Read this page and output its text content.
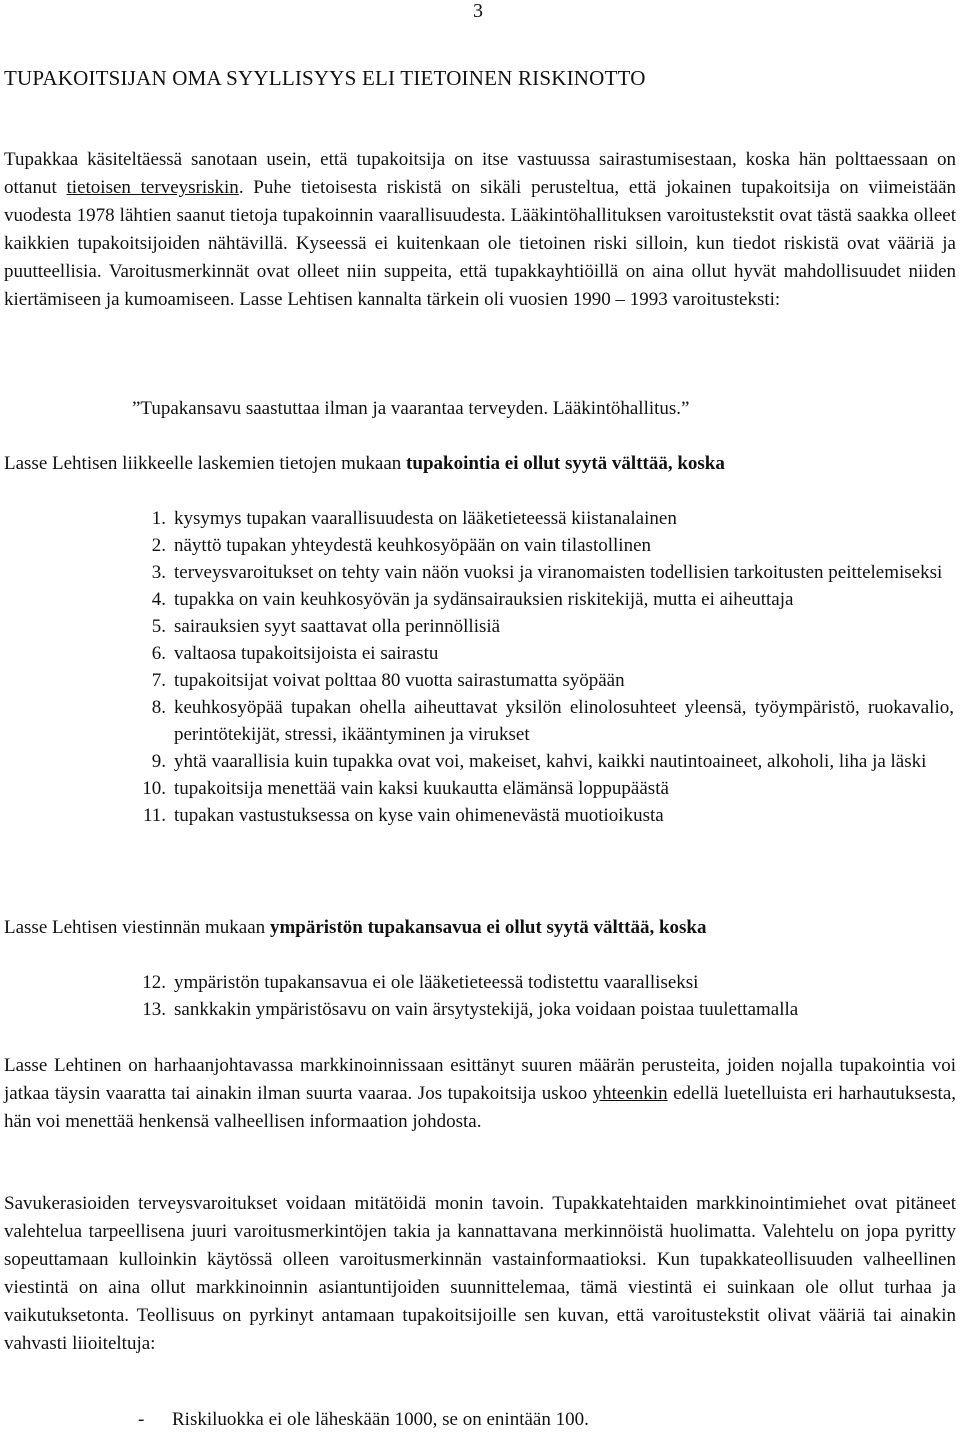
3
TUPAKOITSIJAN OMA SYYLLISYYS ELI TIETOINEN RISKINOTTO

Tupakkaa käsiteltäessä sanotaan usein, että tupakoitsija on itse vastuussa sairastumisestaan, koska hän polttaessaan on ottanut tietoisen terveysriskin. Puhe tietoisesta riskistä on sikäli perusteltua, että jokainen tupakoitsija on viimeistään vuodesta 1978 lähtien saanut tietoja tupakoinnin vaarallisuudesta. Lääkintöhallituksen varoitustekstit ovat tästä saakka olleet kaikkien tupakoitsijoiden nähtävillä. Kyseessä ei kuitenkaan ole tietoinen riski silloin, kun tiedot riskistä ovat vääriä ja puutteellisia. Varoitusmerkinnät ovat olleet niin suppeita, että tupakkayhtiöillä on aina ollut hyvät mahdollisuudet niiden kiertämiseen ja kumoamiseen. Lasse Lehtisen kannalta tärkein oli vuosien 1990 – 1993 varoitusteksti:

”Tupakansavu saastuttaa ilman ja vaarantaa terveyden. Lääkintöhallitus.”

Lasse Lehtisen liikkeelle laskemien tietojen mukaan tupakointia ei ollut syytä välttää, koska

1. kysymys tupakan vaarallisuudesta on lääketieteessä kiistanalainen
2. näyttö tupakan yhteydestä keuhkosyöpään on vain tilastollinen
3. terveysvaroitukset on tehty vain näön vuoksi ja viranomaisten todellisien tarkoitusten peittelemiseksi
4. tupakka on vain keuhkosyövän ja sydänsairauksien riskitekijä, mutta ei aiheuttaja
5. sairauksien syyt saattavat olla perinnöllisiä
6. valtaosa tupakoitsijoista ei sairastu
7. tupakoitsijat voivat polttaa 80 vuotta sairastumatta syöpään
8. keuhkosyöpää tupakan ohella aiheuttavat yksilön elinolosuhteet yleensä, työympäristö, ruokavalio, perintötekijät, stressi, ikääntyminen ja virukset
9. yhtä vaarallisia kuin tupakka ovat voi, makeiset, kahvi, kaikki nautintoaineet, alkoholi, liha ja läski
10. tupakoitsija menettää vain kaksi kuukautta elämänsä loppupäästä
11. tupakan vastustuksessa on kyse vain ohimenevästä muotioikusta

Lasse Lehtisen viestinnän mukaan ympäristön tupakansavua ei ollut syytä välttää, koska

12. ympäristön tupakansavua ei ole lääketieteessä todistettu vaaralliseksi
13. sankkakin ympäristösavu on vain ärsytystekijä, joka voidaan poistaa tuulettamalla

Lasse Lehtinen on harhaanjohtavassa markkinoinnissaan esittänyt suuren määrän perusteita, joiden nojalla tupakointia voi jatkaa täysin vaaratta tai ainakin ilman suurta vaaraa. Jos tupakoitsija uskoo yhteenkin edellä luetelluista eri harhautuksesta, hän voi menettää henkensä valheellisen informaation johdosta.

Savukerasioiden terveysvaroitukset voidaan mitätöidä monin tavoin. Tupakkatehtaiden markkinointimiehet ovat pitäneet valehtelua tarpeellisena juuri varoitusmerkintöjen takia ja kannattavana merkinnöistä huolimatta. Valehtelu on jopa pyritty sopeuttamaan kulloinkin käytössä olleen varoitusmerkinnän vastainformaatioksi. Kun tupakkateollisuuden valheellinen viestintä on aina ollut markkinoinnin asiantuntijoiden suunnittelemaa, tämä viestintä ei suinkaan ole ollut turhaa ja vaikutuksetonta. Teollisuus on pyrkinyt antamaan tupakoitsijoille sen kuvan, että varoitustekstit olivat vääriä tai ainakin vahvasti liioiteltuja:

- Riskiluokka ei ole läheskään 1000, se on enintään 100.
